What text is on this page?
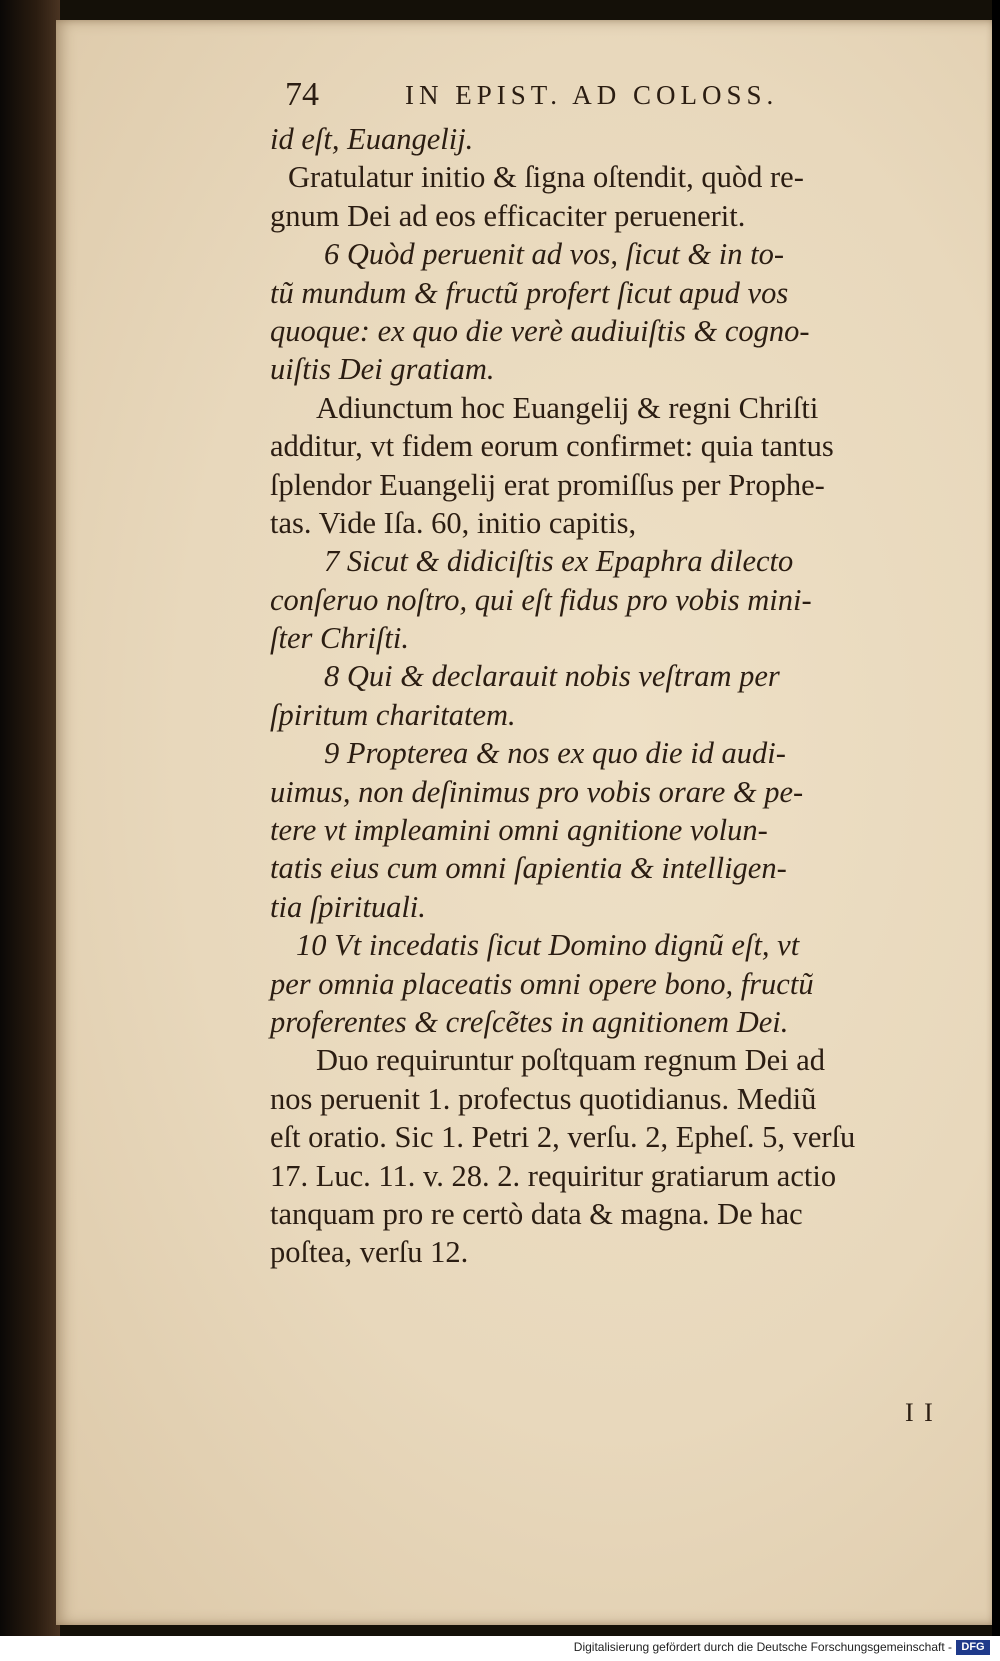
74	IN EPIST. AD COLOSS.
id eſt, Euangelij.
Gratulatur initio & ſigna oſtendit, quòd re-
gnum Dei ad eos efficaciter peruenerit.
6 Quòd peruenit ad vos, ſicut & in to-
tũ mundum & fructũ profert ſicut apud vos
quoque: ex quo die verè audiuiſtis & cogno-
uiſtis Dei gratiam.
Adiunctum hoc Euangelij & regni Chriſti
additur, vt fidem eorum confirmet: quia tantus
ſplendor Euangelij erat promiſſus per Prophe-
tas. Vide Iſa. 60, initio capitis,
7 Sicut & didiciſtis ex Epaphra dilecto
conſeruo noſtro, qui eſt fidus pro vobis mini-
ſter Chriſti.
8 Qui & declarauit nobis veſtram per
ſpiritum charitatem.
9 Propterea & nos ex quo die id audi-
uimus, non deſinimus pro vobis orare & pe-
tere vt impleamini omni agnitione volun-
tatis eius cum omni ſapientia & intelligen-
tia ſpirituali.
10 Vt incedatis ſicut Domino dignũ eſt, vt
per omnia placeatis omni opere bono, fructũ
proferentes & creſcẽtes in agnitionem Dei.
Duo requiruntur poſtquam regnum Dei ad
nos peruenit 1. profectus quotidianus. Mediũ
eſt oratio. Sic 1. Petri 2, verſu. 2, Epheſ. 5, verſu
17. Luc. 11. v. 28. 2. requiritur gratiarum actio
tanquam pro re certò data & magna. De hac
poſtea, verſu 12.
I I
Digitalisierung gefördert durch die Deutsche Forschungsgemeinschaft - DFG
